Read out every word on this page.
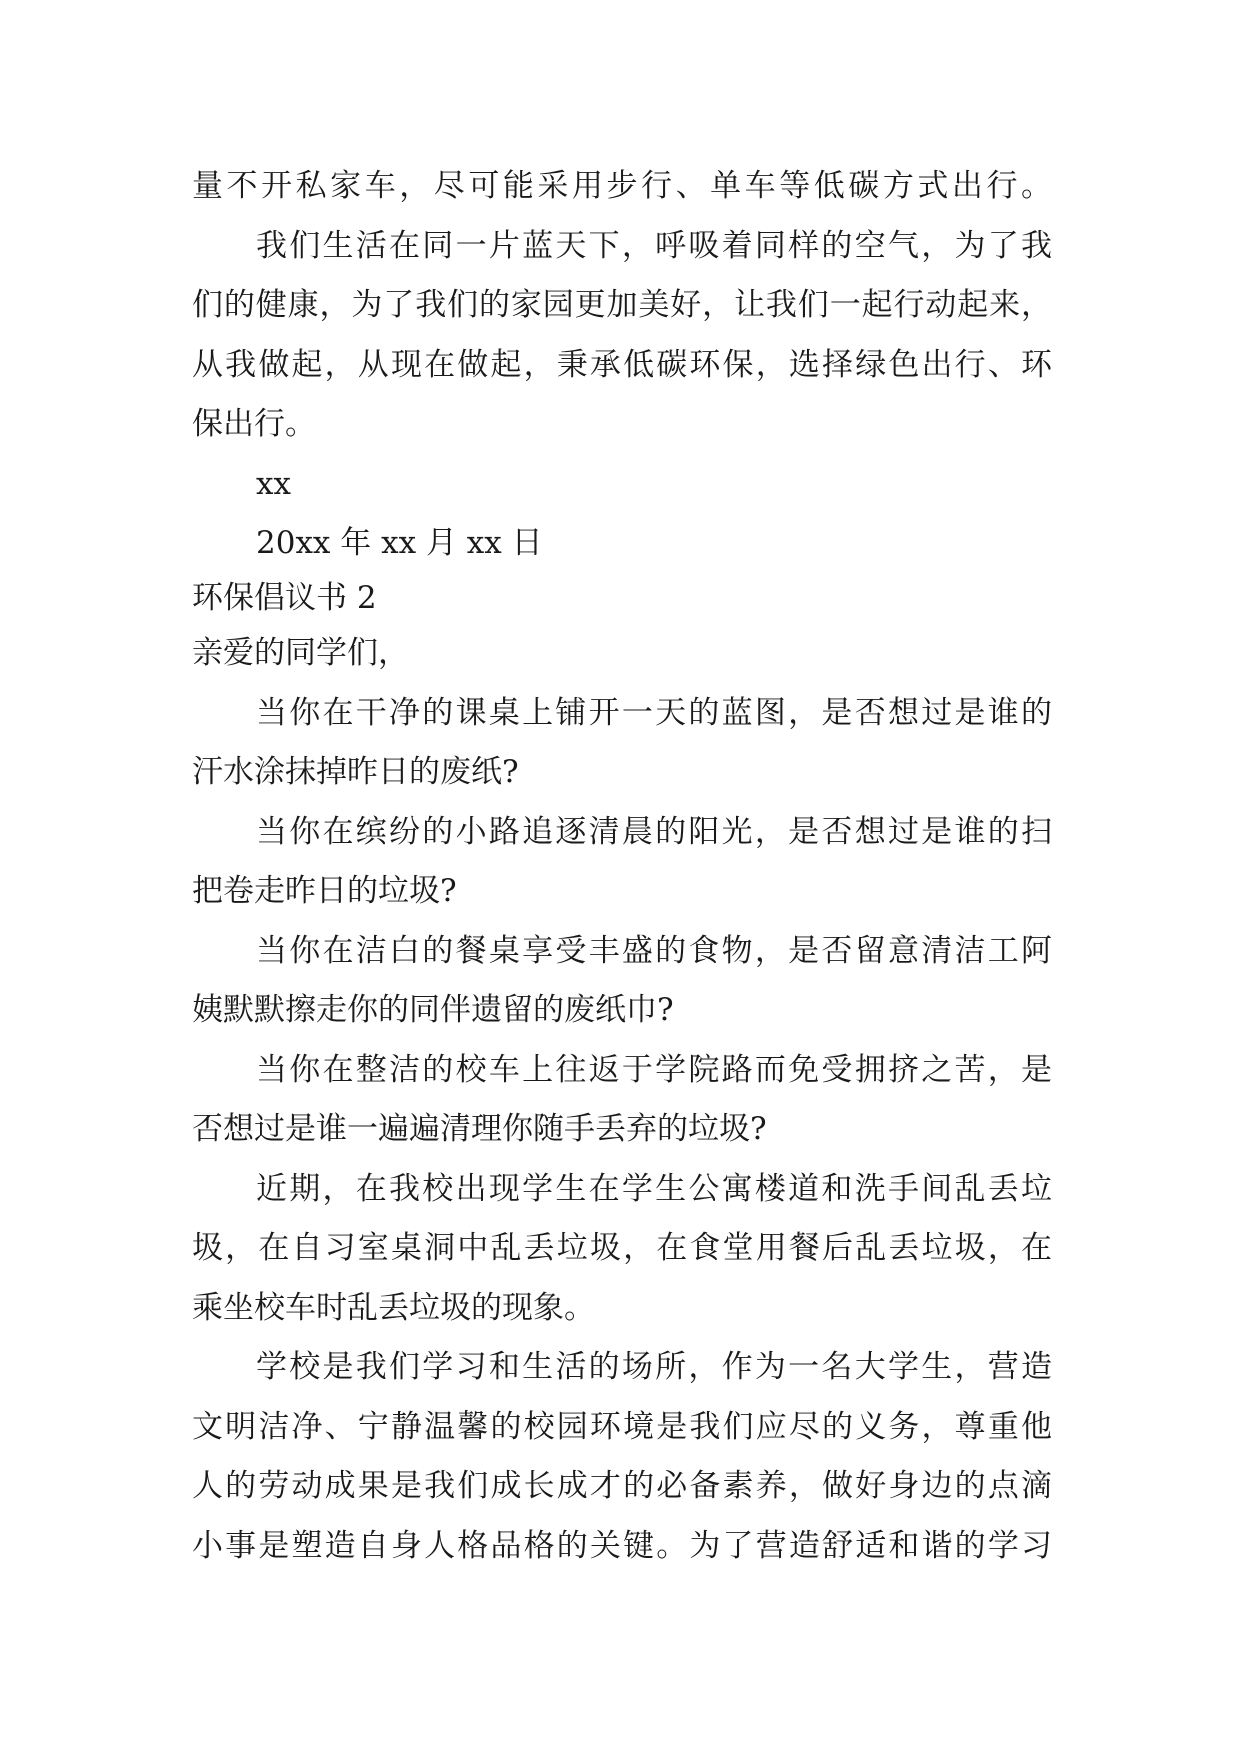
量不开私家车，尽可能采用步行、单车等低碳方式出行。
我们生活在同一片蓝天下，呼吸着同样的空气，为了我
们的健康，为了我们的家园更加美好，让我们一起行动起来，
从我做起，从现在做起，秉承低碳环保，选择绿色出行、环
保出行。
xx
20xx 年 xx 月 xx 日
环保倡议书 2
亲爱的同学们，
当你在干净的课桌上铺开一天的蓝图，是否想过是谁的
汗水涂抹掉昨日的废纸?
当你在缤纷的小路追逐清晨的阳光，是否想过是谁的扫
把卷走昨日的垃圾?
当你在洁白的餐桌享受丰盛的食物，是否留意清洁工阿
姨默默擦走你的同伴遗留的废纸巾?
当你在整洁的校车上往返于学院路而免受拥挤之苦，是
否想过是谁一遍遍清理你随手丢弃的垃圾?
近期，在我校出现学生在学生公寓楼道和洗手间乱丢垃
圾，在自习室桌洞中乱丢垃圾，在食堂用餐后乱丢垃圾，在
乘坐校车时乱丢垃圾的现象。
学校是我们学习和生活的场所，作为一名大学生，营造
文明洁净、宁静温馨的校园环境是我们应尽的义务，尊重他
人的劳动成果是我们成长成才的必备素养，做好身边的点滴
小事是塑造自身人格品格的关键。为了营造舒适和谐的学习
